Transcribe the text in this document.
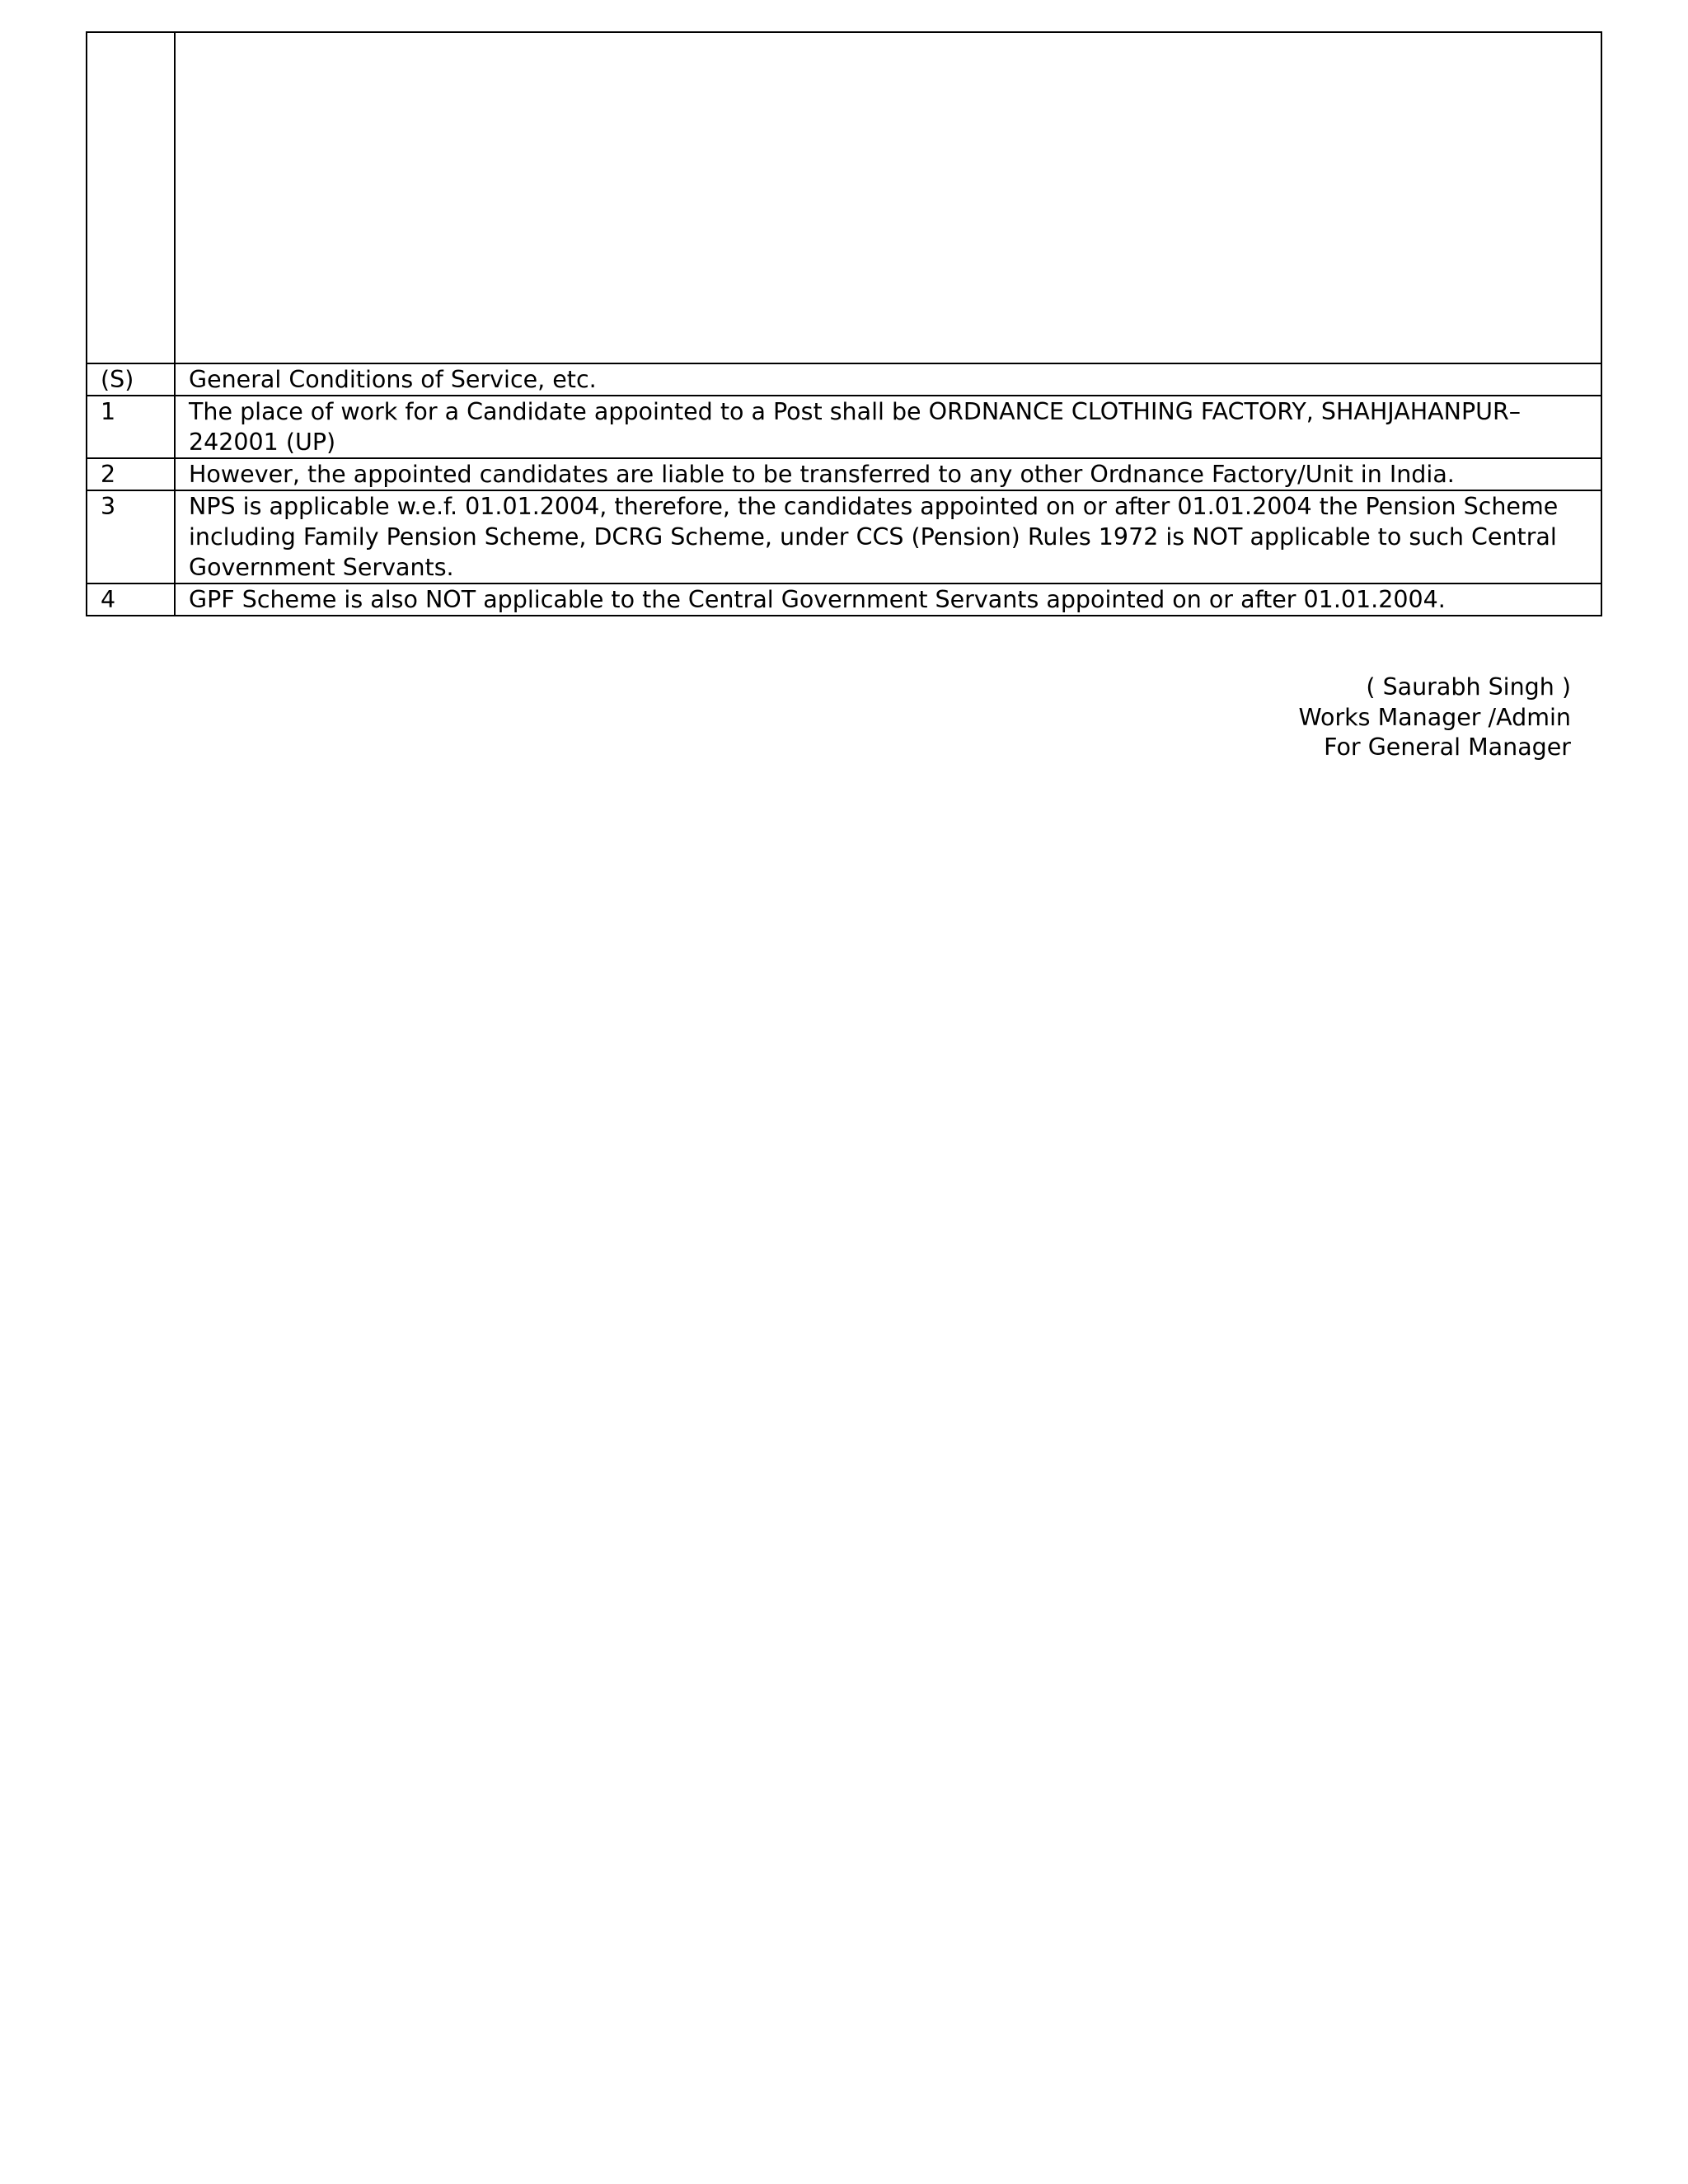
(S)	General Conditions of Service, etc.
1	The place of work for a Candidate appointed to a Post shall be ORDNANCE CLOTHING FACTORY, SHAHJAHANPUR–242001 (UP)
2	However, the appointed candidates are liable to be transferred to any other Ordnance Factory/Unit in India.
3	NPS is applicable w.e.f. 01.01.2004, therefore, the candidates appointed on or after 01.01.2004 the Pension Scheme including Family Pension Scheme, DCRG Scheme, under CCS (Pension) Rules 1972 is NOT applicable to such Central Government Servants.
4	GPF Scheme is also NOT applicable to the Central Government Servants appointed on or after 01.01.2004.
( Saurabh Singh )
Works Manager /Admin
For General Manager
